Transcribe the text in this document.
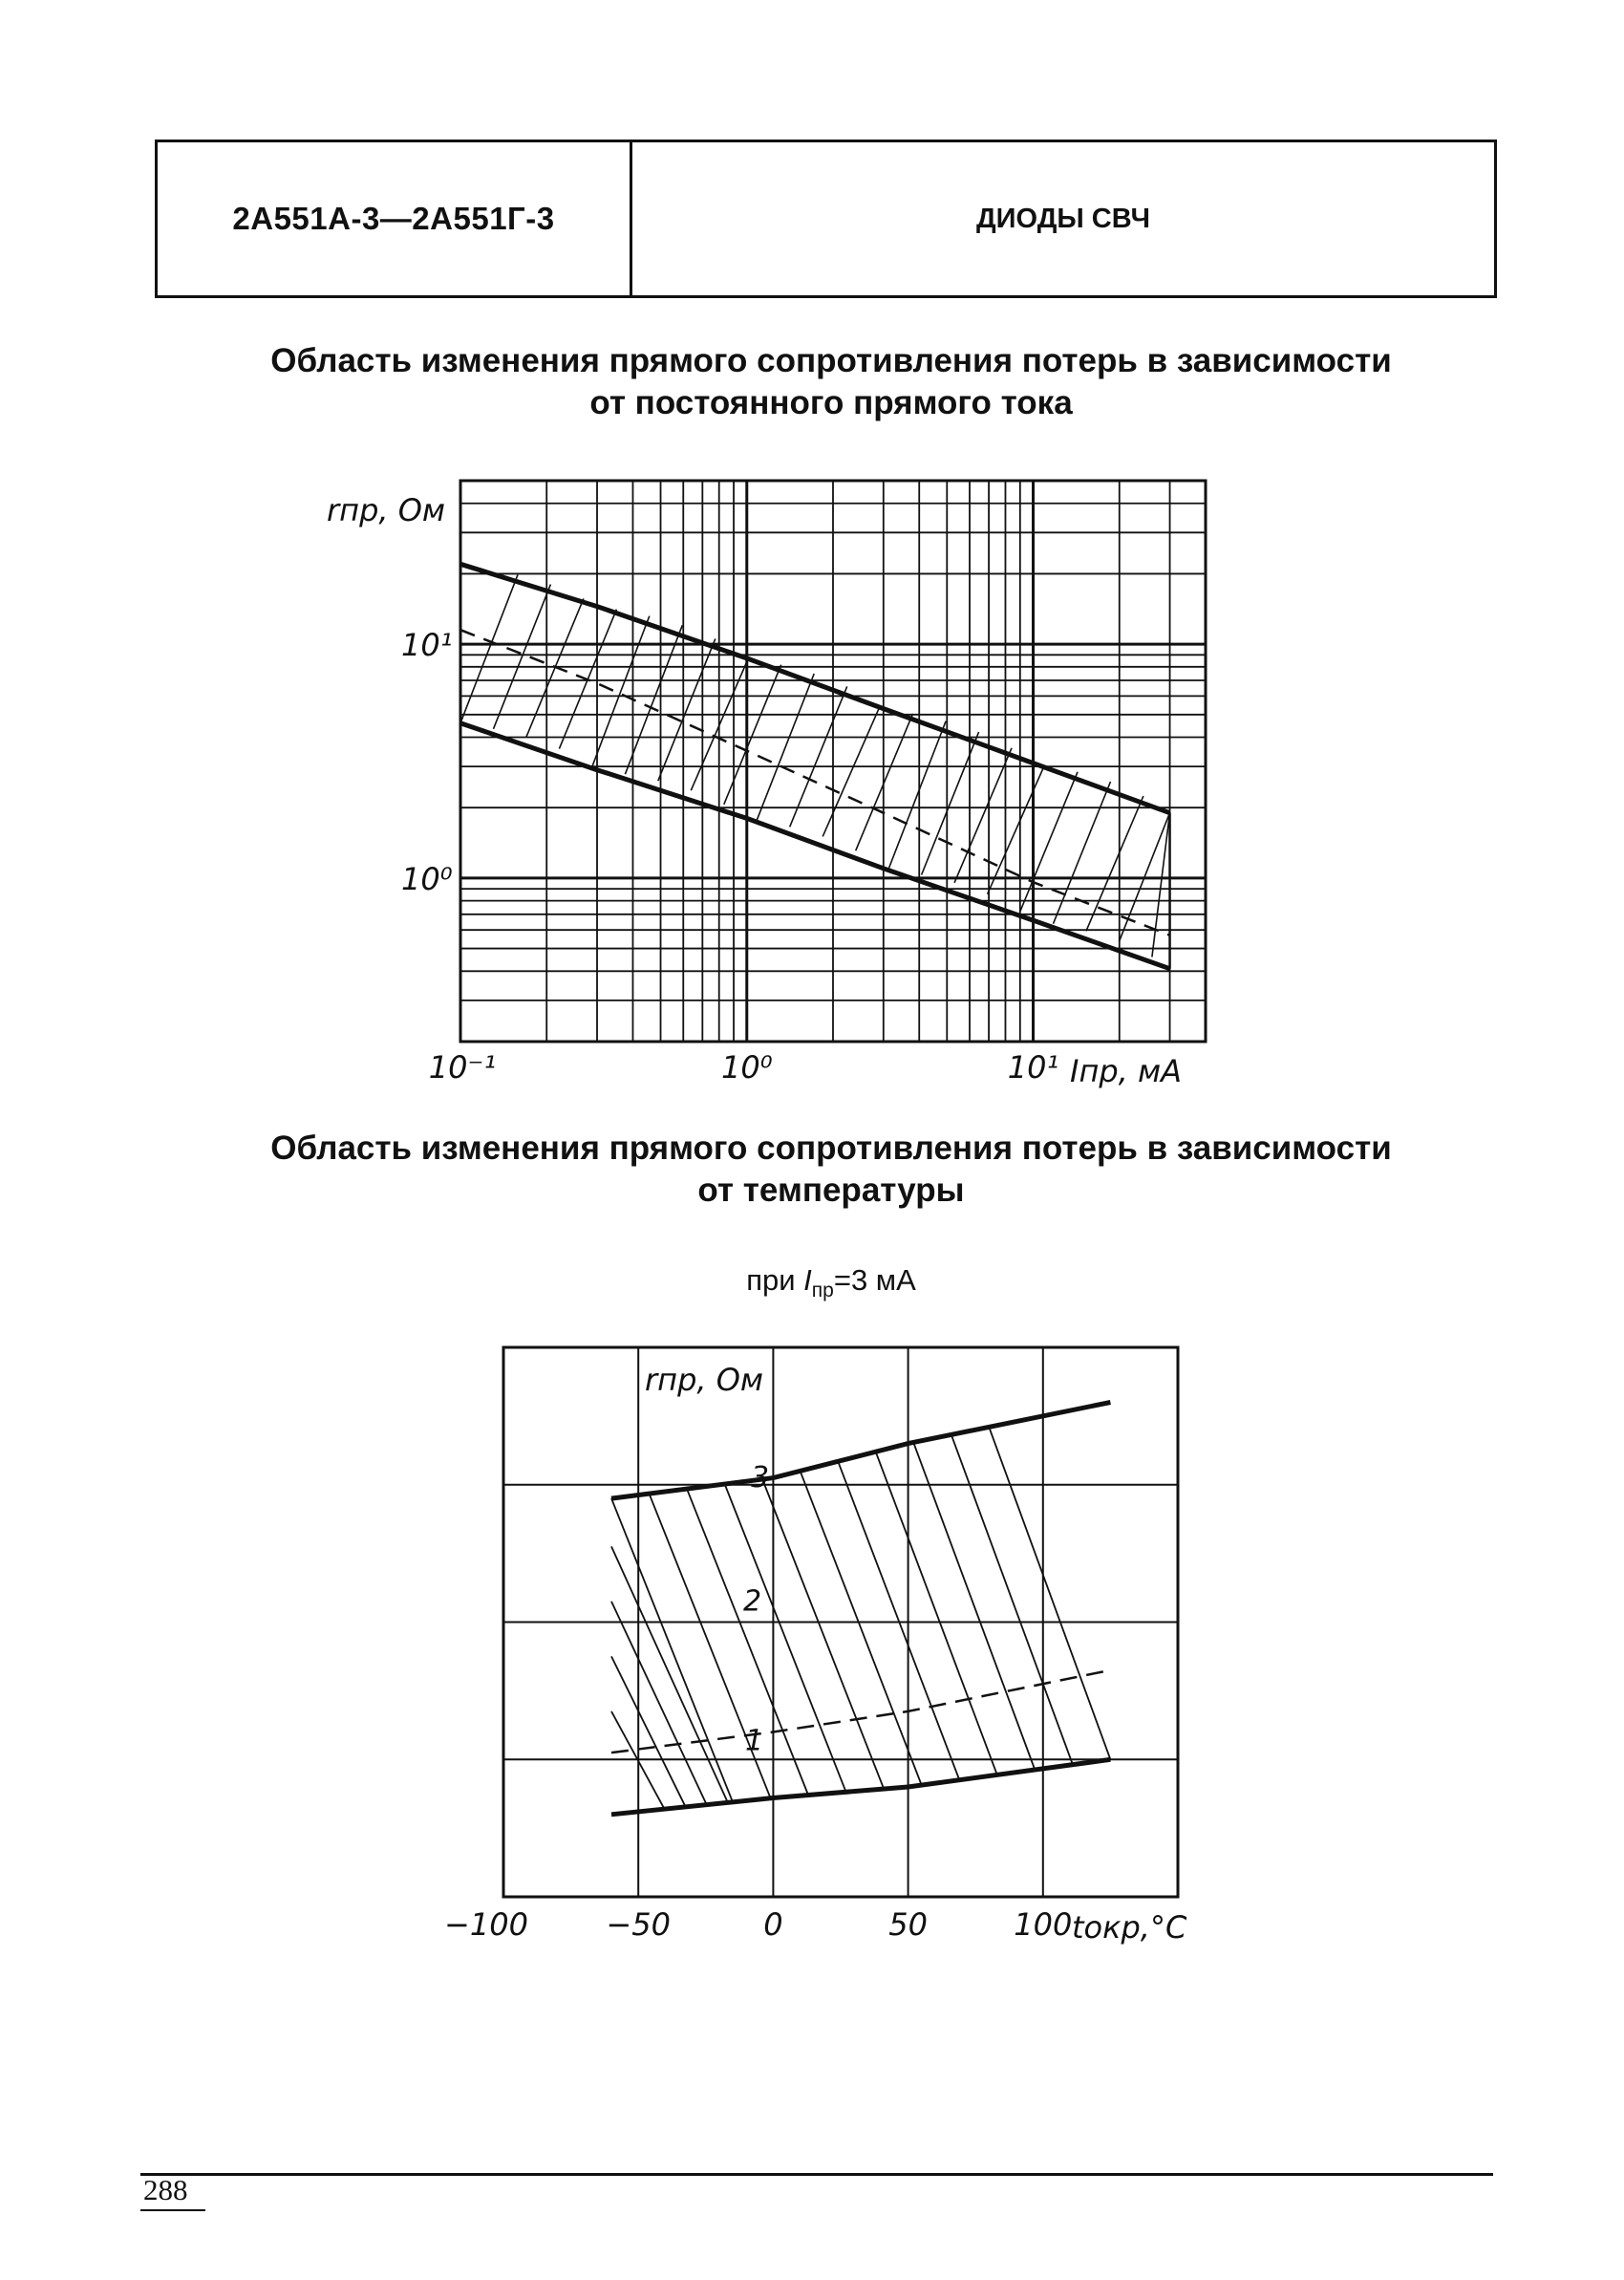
2А551А-3—2А551Г-3	ДИОДЫ СВЧ
Область изменения прямого сопротивления потерь в зависимости
от постоянного прямого тока
rпр, Ом
10¹
10⁰
10⁻¹	10⁰	10¹ Iпр, мА
rпр, Ом
3
2
1
−100	−50	0	50	100 tокр,°С
Область изменения прямого сопротивления потерь в зависимости
от температуры
при $I_{пр}=3$ мА
288
